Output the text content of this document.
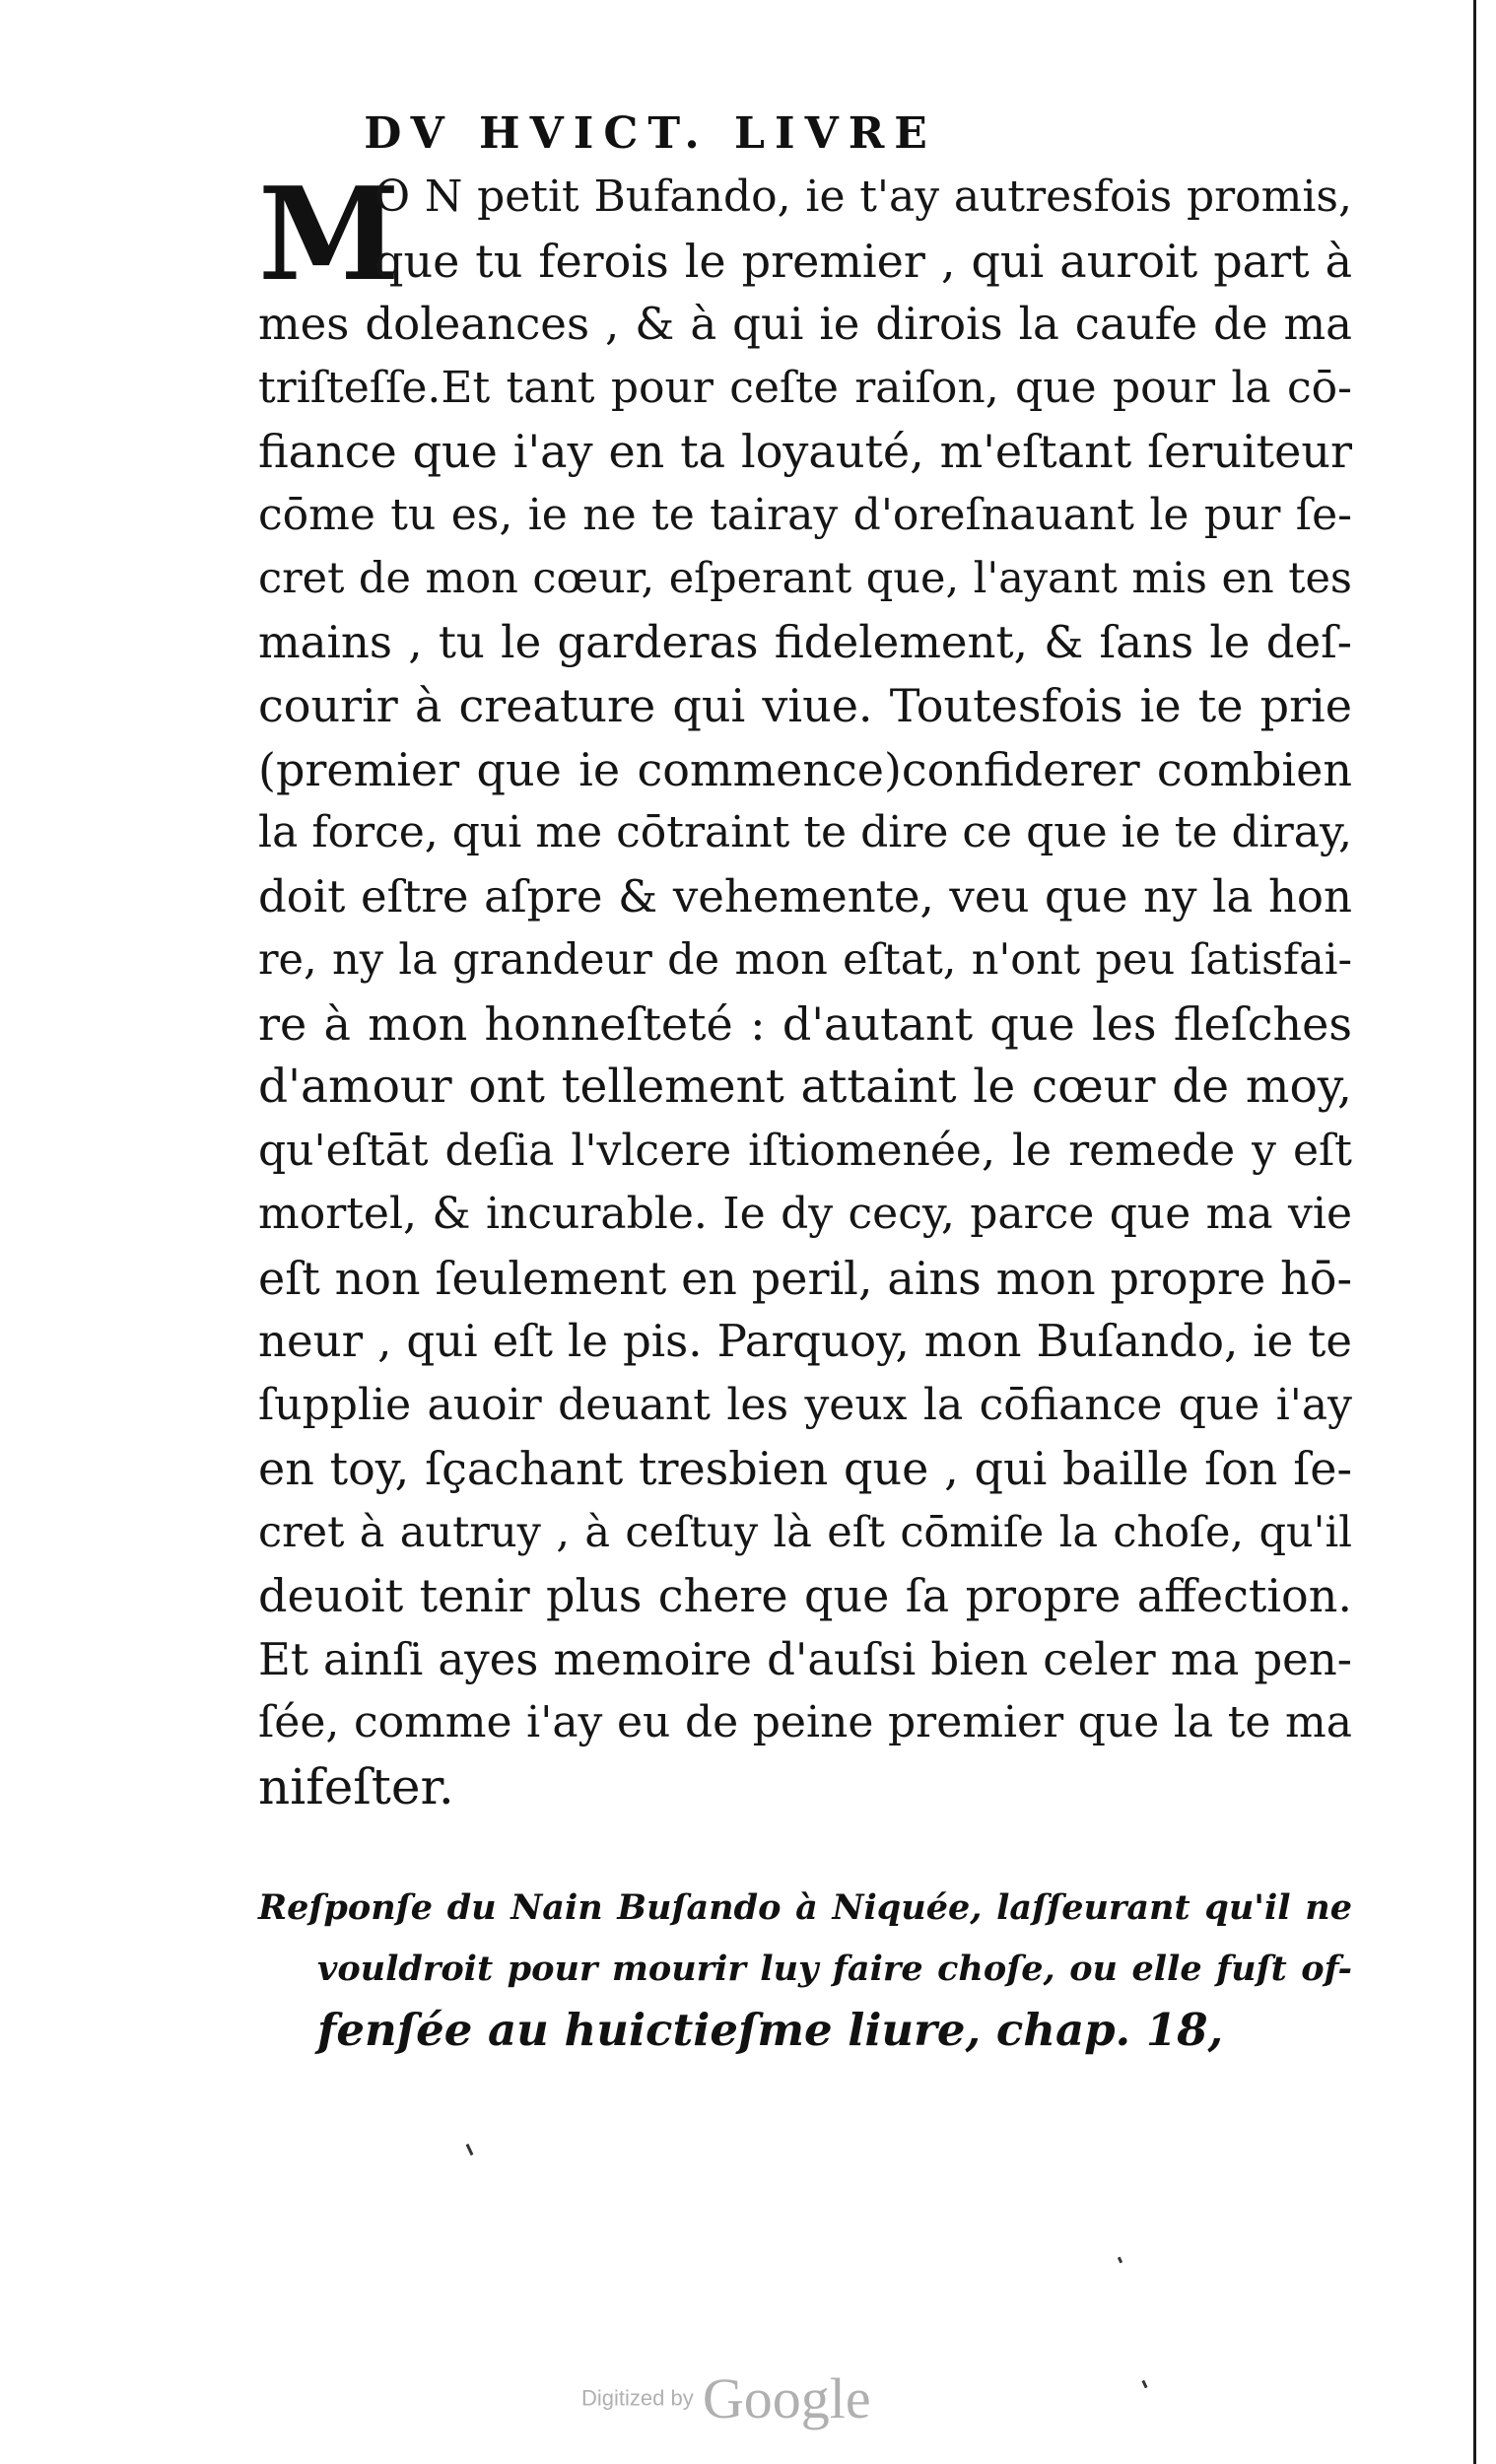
DV HVICT. LIVRE
M
O N petit Bufando, ie t'ay autresfois promis,
que tu ferois le premier , qui auroit part à
mes doleances , & à qui ie dirois la caufe de ma
triſteſſe.Et tant pour ceſte raiſon, que pour la cō-
fiance que i'ay en ta loyauté, m'eſtant ſeruiteur
cōme tu es, ie ne te tairay d'oreſnauant le pur ſe-
cret de mon cœur, eſperant que, l'ayant mis en tes
mains , tu le garderas fidelement, & ſans le deſ-
courir à creature qui viue. Toutesfois ie te prie
(premier que ie commence)confiderer combien
la force, qui me cōtraint te dire ce que ie te diray,
doit eſtre aſpre & vehemente, veu que ny la hon
re, ny la grandeur de mon eſtat, n'ont peu ſatisfai-
re à mon honneſteté : d'autant que les fleſches
d'amour ont tellement attaint le cœur de moy,
qu'eſtāt deſia l'vlcere iſtiomenée, le remede y eſt
mortel, & incurable. Ie dy cecy, parce que ma vie
eſt non ſeulement en peril, ains mon propre hō-
neur , qui eſt le pis. Parquoy, mon Buſando, ie te
ſupplie auoir deuant les yeux la cōfiance que i'ay
en toy, ſçachant tresbien que , qui baille ſon ſe-
cret à autruy , à ceſtuy là eſt cōmiſe la choſe, qu'il
deuoit tenir plus chere que ſa propre affection.
Et ainſi ayes memoire d'auſsi bien celer ma pen-
ſée, comme i'ay eu de peine premier que la te ma
nifeſter.
Reſponſe du Nain Buſando à Niquée, laſſeurant qu'il ne
vouldroit pour mourir luy faire choſe, ou elle fuſt of-
fenſée au huictieſme liure, chap. 18,
Digitized by Google
